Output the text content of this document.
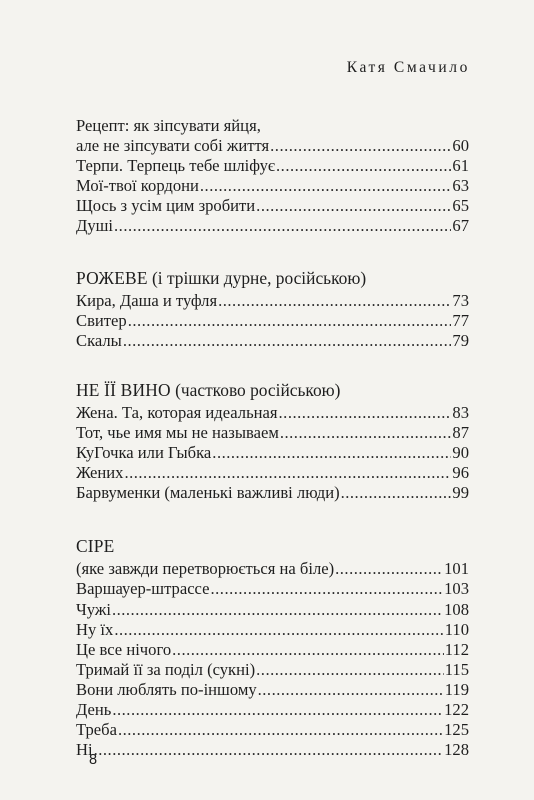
Катя Смачило

Рецепт: як зіпсувати яйця,
але не зіпсувати собі життя .....	60
Терпи. Терпець тебе шліфує .....	61
Мої-твої кордони .....	63
Щось з усім цим зробити .....	65
Душі .....	67
РОЖЕВЕ (і трішки дурне, російською)
Кира, Даша и туфля .....	73
Свитер .....	77
Скалы .....	79
НЕ ЇЇ ВИНО (частково російською)
Жена. Та, которая идеальная .....	83
Тот, чье имя мы не называем .....	87
КуГочка или Гыбка .....	90
Жених .....	96
Барвуменки (маленькі важливі люди) .....	99
СІРЕ
(яке завжди перетворюється на біле) .....	101
Варшауер-штрассе .....	103
Чужі .....	108
Ну їх .....	110
Це все нічого .....	112
Тримай її за поділ (сукні) .....	115
Вони люблять по-іншому .....	119
День .....	122
Треба .....	125
Ні .....	128

8
